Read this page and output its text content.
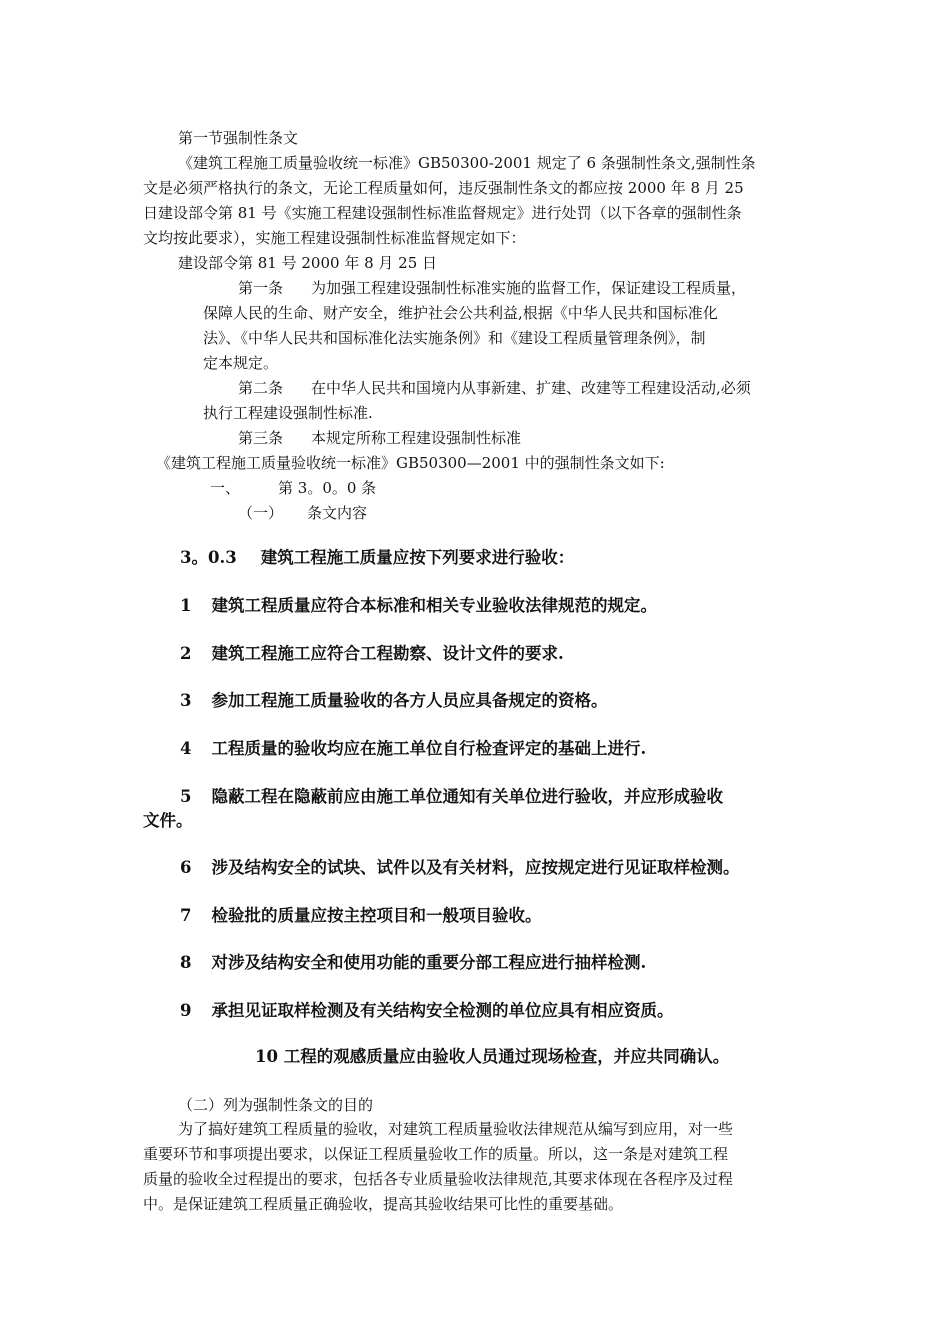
第一节强制性条文
《建筑工程施工质量验收统一标准》GB50300-2001 规定了 6 条强制性条文,强制性条
文是必须严格执行的条文，无论工程质量如何，违反强制性条文的都应按 2000 年 8 月 25
日建设部令第 81 号《实施工程建设强制性标准监督规定》进行处罚（以下各章的强制性条
文均按此要求），实施工程建设强制性标准监督规定如下：
建设部令第 81 号 2000 年 8 月 25 日
第一条 为加强工程建设强制性标准实施的监督工作，保证建设工程质量，
保障人民的生命、财产安全，维护社会公共利益,根据《中华人民共和国标准化
法》、《中华人民共和国标准化法实施条例》和《建设工程质量管理条例》，制
定本规定。
第二条 在中华人民共和国境内从事新建、扩建、改建等工程建设活动,必须
执行工程建设强制性标准.
第三条 本规定所称工程建设强制性标准
《建筑工程施工质量验收统一标准》GB50300—2001 中的强制性条文如下:
一、	第 3。0。0 条
（一） 条文内容
3。0.3 建筑工程施工质量应按下列要求进行验收：
1 建筑工程质量应符合本标准和相关专业验收法律规范的规定。
2 建筑工程施工应符合工程勘察、设计文件的要求.
3 参加工程施工质量验收的各方人员应具备规定的资格。
4 工程质量的验收均应在施工单位自行检查评定的基础上进行.
5 隐蔽工程在隐蔽前应由施工单位通知有关单位进行验收，并应形成验收
文件。
6 涉及结构安全的试块、试件以及有关材料，应按规定进行见证取样检测。
7 检验批的质量应按主控项目和一般项目验收。
8 对涉及结构安全和使用功能的重要分部工程应进行抽样检测.
9 承担见证取样检测及有关结构安全检测的单位应具有相应资质。
10 工程的观感质量应由验收人员通过现场检查，并应共同确认。
（二）列为强制性条文的目的
为了搞好建筑工程质量的验收，对建筑工程质量验收法律规范从编写到应用，对一些
重要环节和事项提出要求，以保证工程质量验收工作的质量。所以，这一条是对建筑工程
质量的验收全过程提出的要求，包括各专业质量验收法律规范,其要求体现在各程序及过程
中。是保证建筑工程质量正确验收，提高其验收结果可比性的重要基础。
